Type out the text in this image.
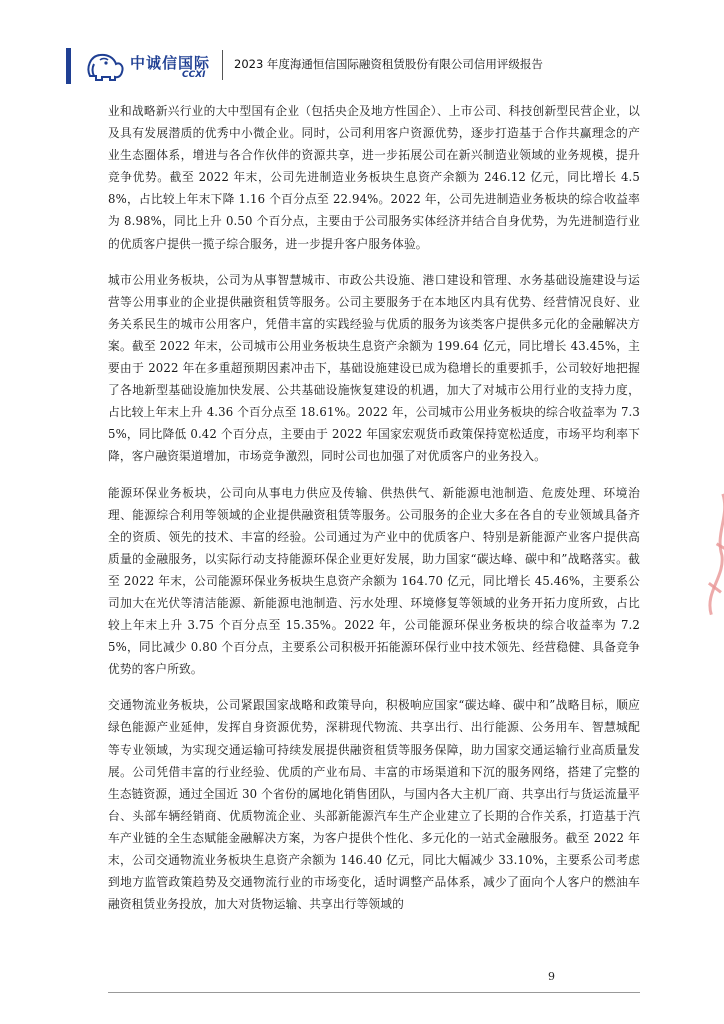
中诚信国际
CCXI
2023 年度海通恒信国际融资租赁股份有限公司信用评级报告

业和战略新兴行业的大中型国有企业（包括央企及地方性国企）、上市公司、科技创新型民营企业，以及具有发展潜质的优秀中小微企业。同时，公司利用客户资源优势，逐步打造基于合作共赢理念的产业生态圈体系，增进与各合作伙伴的资源共享，进一步拓展公司在新兴制造业领域的业务规模，提升竞争优势。截至 2022 年末，公司先进制造业务板块生息资产余额为 246.12 亿元，同比增长 4.58%，占比较上年末下降 1.16 个百分点至 22.94%。2022 年，公司先进制造业务板块的综合收益率为 8.98%，同比上升 0.50 个百分点，主要由于公司服务实体经济并结合自身优势，为先进制造行业的优质客户提供一揽子综合服务，进一步提升客户服务体验。

城市公用业务板块，公司为从事智慧城市、市政公共设施、港口建设和管理、水务基础设施建设与运营等公用事业的企业提供融资租赁等服务。公司主要服务于在本地区内具有优势、经营情况良好、业务关系民生的城市公用客户，凭借丰富的实践经验与优质的服务为该类客户提供多元化的金融解决方案。截至 2022 年末，公司城市公用业务板块生息资产余额为 199.64 亿元，同比增长 43.45%，主要由于 2022 年在多重超预期因素冲击下，基础设施建设已成为稳增长的重要抓手，公司较好地把握了各地新型基础设施加快发展、公共基础设施恢复建设的机遇，加大了对城市公用行业的支持力度，占比较上年末上升 4.36 个百分点至 18.61%。2022 年，公司城市公用业务板块的综合收益率为 7.35%，同比降低 0.42 个百分点，主要由于 2022 年国家宏观货币政策保持宽松适度，市场平均利率下降，客户融资渠道增加，市场竞争激烈，同时公司也加强了对优质客户的业务投入。

能源环保业务板块，公司向从事电力供应及传输、供热供气、新能源电池制造、危废处理、环境治理、能源综合利用等领域的企业提供融资租赁等服务。公司服务的企业大多在各自的专业领域具备齐全的资质、领先的技术、丰富的经验。公司通过为产业中的优质客户、特别是新能源产业客户提供高质量的金融服务，以实际行动支持能源环保企业更好发展，助力国家“碳达峰、碳中和”战略落实。截至 2022 年末，公司能源环保业务板块生息资产余额为 164.70 亿元，同比增长 45.46%，主要系公司加大在光伏等清洁能源、新能源电池制造、污水处理、环境修复等领域的业务开拓力度所致，占比较上年末上升 3.75 个百分点至 15.35%。2022 年，公司能源环保业务板块的综合收益率为 7.25%，同比减少 0.80 个百分点，主要系公司积极开拓能源环保行业中技术领先、经营稳健、具备竞争优势的客户所致。

交通物流业务板块，公司紧跟国家战略和政策导向，积极响应国家“碳达峰、碳中和”战略目标，顺应绿色能源产业延伸，发挥自身资源优势，深耕现代物流、共享出行、出行能源、公务用车、智慧城配等专业领域，为实现交通运输可持续发展提供融资租赁等服务保障，助力国家交通运输行业高质量发展。公司凭借丰富的行业经验、优质的产业布局、丰富的市场渠道和下沉的服务网络，搭建了完整的生态链资源，通过全国近 30 个省份的属地化销售团队，与国内各大主机厂商、共享出行与货运流量平台、头部车辆经销商、优质物流企业、头部新能源汽车生产企业建立了长期的合作关系，打造基于汽车产业链的全生态赋能金融解决方案，为客户提供个性化、多元化的一站式金融服务。截至 2022 年末，公司交通物流业务板块生息资产余额为 146.40 亿元，同比大幅减少 33.10%，主要系公司考虑到地方监管政策趋势及交通物流行业的市场变化，适时调整产品体系，减少了面向个人客户的燃油车融资租赁业务投放，加大对货物运输、共享出行等领域的

9
